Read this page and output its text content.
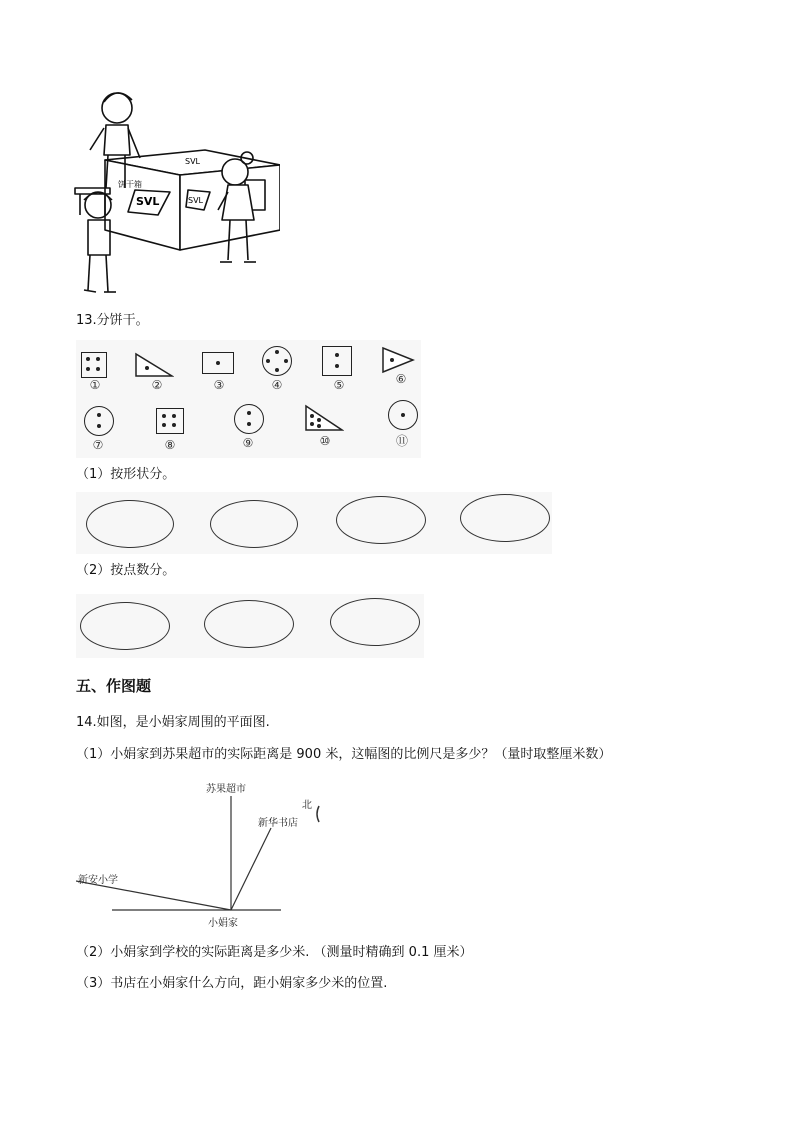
SVL
饼干箱
SVL	SVL
13.分饼干。
①	②	③	④	⑤	⑥
⑦	⑧	⑨	⑩	⑪
（1）按形状分。
（2）按点数分。
五、作图题
14.如图，是小娟家周围的平面图.
（1）小娟家到苏果超市的实际距离是 900 米，这幅图的比例尺是多少？（量时取整厘米数）
苏果超市
新华书店
北
新安小学
小娟家
（2）小娟家到学校的实际距离是多少米. （测量时精确到 0.1 厘米）
（3）书店在小娟家什么方向，距小娟家多少米的位置.
